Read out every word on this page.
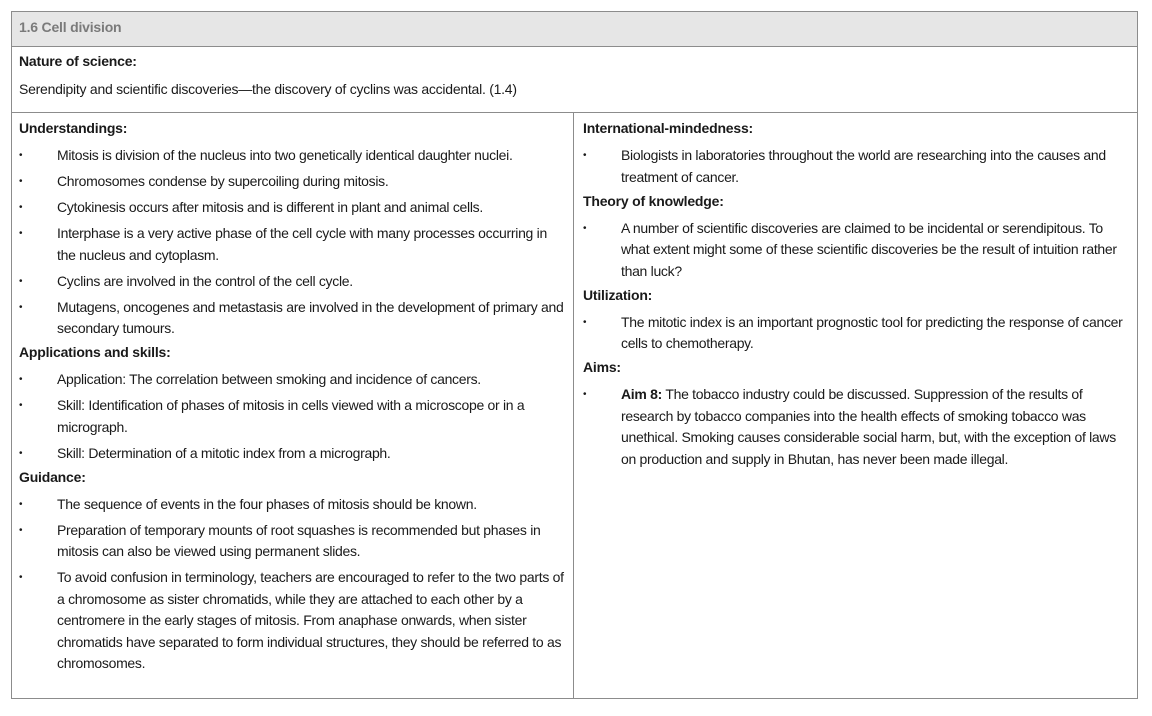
1.6 Cell division
Nature of science:
Serendipity and scientific discoveries—the discovery of cyclins was accidental. (1.4)
Understandings:
• Mitosis is division of the nucleus into two genetically identical daughter nuclei.
• Chromosomes condense by supercoiling during mitosis.
• Cytokinesis occurs after mitosis and is different in plant and animal cells.
• Interphase is a very active phase of the cell cycle with many processes occurring in the nucleus and cytoplasm.
• Cyclins are involved in the control of the cell cycle.
• Mutagens, oncogenes and metastasis are involved in the development of primary and secondary tumours.
Applications and skills:
• Application: The correlation between smoking and incidence of cancers.
• Skill: Identification of phases of mitosis in cells viewed with a microscope or in a micrograph.
• Skill: Determination of a mitotic index from a micrograph.
Guidance:
• The sequence of events in the four phases of mitosis should be known.
• Preparation of temporary mounts of root squashes is recommended but phases in mitosis can also be viewed using permanent slides.
• To avoid confusion in terminology, teachers are encouraged to refer to the two parts of a chromosome as sister chromatids, while they are attached to each other by a centromere in the early stages of mitosis. From anaphase onwards, when sister chromatids have separated to form individual structures, they should be referred to as chromosomes.
International-mindedness:
• Biologists in laboratories throughout the world are researching into the causes and treatment of cancer.
Theory of knowledge:
• A number of scientific discoveries are claimed to be incidental or serendipitous. To what extent might some of these scientific discoveries be the result of intuition rather than luck?
Utilization:
• The mitotic index is an important prognostic tool for predicting the response of cancer cells to chemotherapy.
Aims:
• Aim 8: The tobacco industry could be discussed. Suppression of the results of research by tobacco companies into the health effects of smoking tobacco was unethical. Smoking causes considerable social harm, but, with the exception of laws on production and supply in Bhutan, has never been made illegal.
